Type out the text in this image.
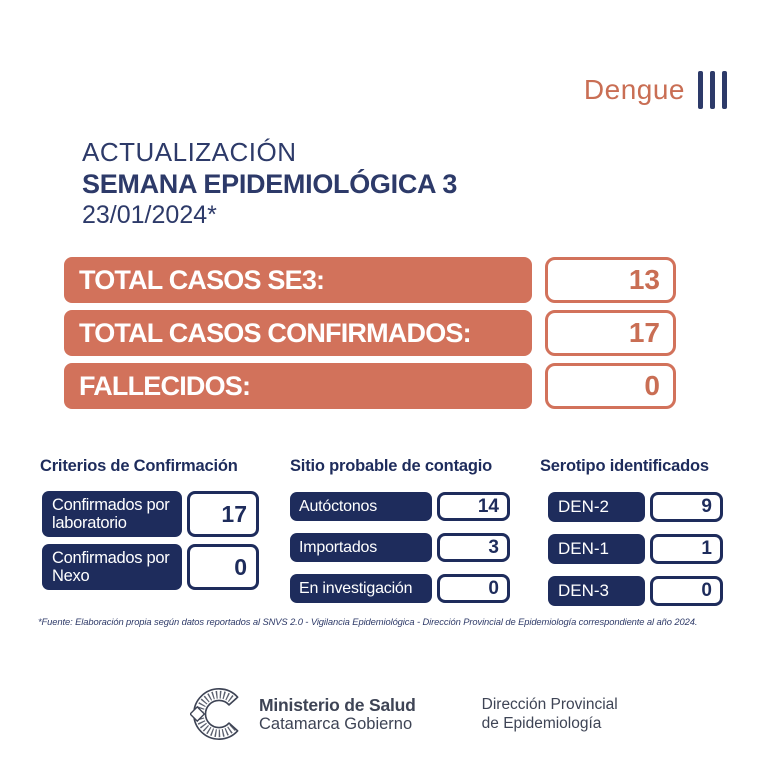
Dengue
ACTUALIZACIÓN
SEMANA EPIDEMIOLÓGICA 3
23/01/2024*
TOTAL CASOS SE3:	13
TOTAL CASOS CONFIRMADOS:	17
FALLECIDOS:	0
Criterios de Confirmación
Confirmados por laboratorio	17
Confirmados por Nexo	0
Sitio probable de contagio
Autóctonos	14
Importados	3
En investigación	0
Serotipo identificados
DEN-2	9
DEN-1	1
DEN-3	0
*Fuente: Elaboración propia según datos reportados al SNVS 2.0 - Vigilancia Epidemiológica - Dirección Provincial de Epidemiología correspondiente al año 2024.
Ministerio de Salud
Catamarca Gobierno
Dirección Provincial
de Epidemiología
